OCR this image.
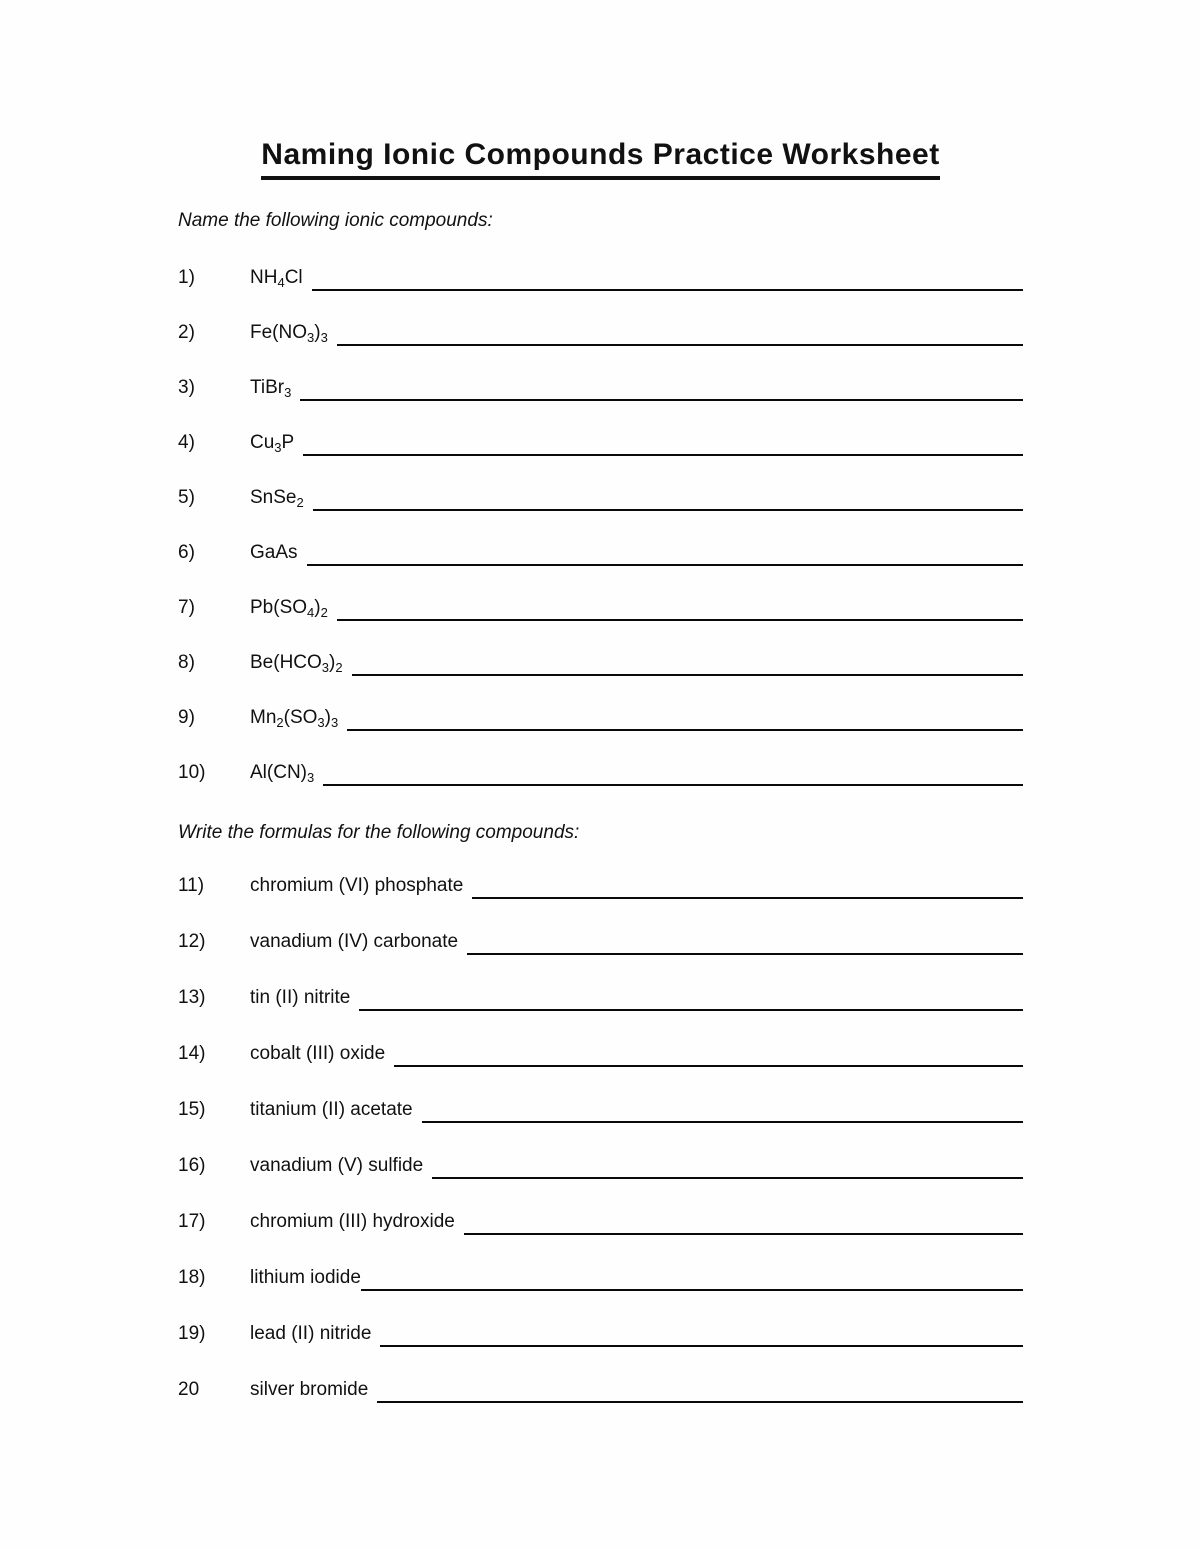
Naming Ionic Compounds Practice Worksheet

Name the following ionic compounds:

1)	$NH_4Cl$

2)	$Fe(NO_3)_3$

3)	TiBr$_3$

4)	$Cu_3P$

5)	SnSe$_2$

6)	GaAs

7)	$Pb(SO_4)_2$

8)	$Be(HCO_3)_2$

9)	$Mn_2(SO_3)_3$

10)	$Al(CN)_3$

Write the formulas for the following compounds:

11)	chromium (VI) phosphate

12)	vanadium (IV) carbonate

13)	tin (II) nitrite

14)	cobalt (III) oxide

15)	titanium (II) acetate

16)	vanadium (V) sulfide

17)	chromium (III) hydroxide

18)	lithium iodide

19)	lead (II) nitride

20	silver bromide
